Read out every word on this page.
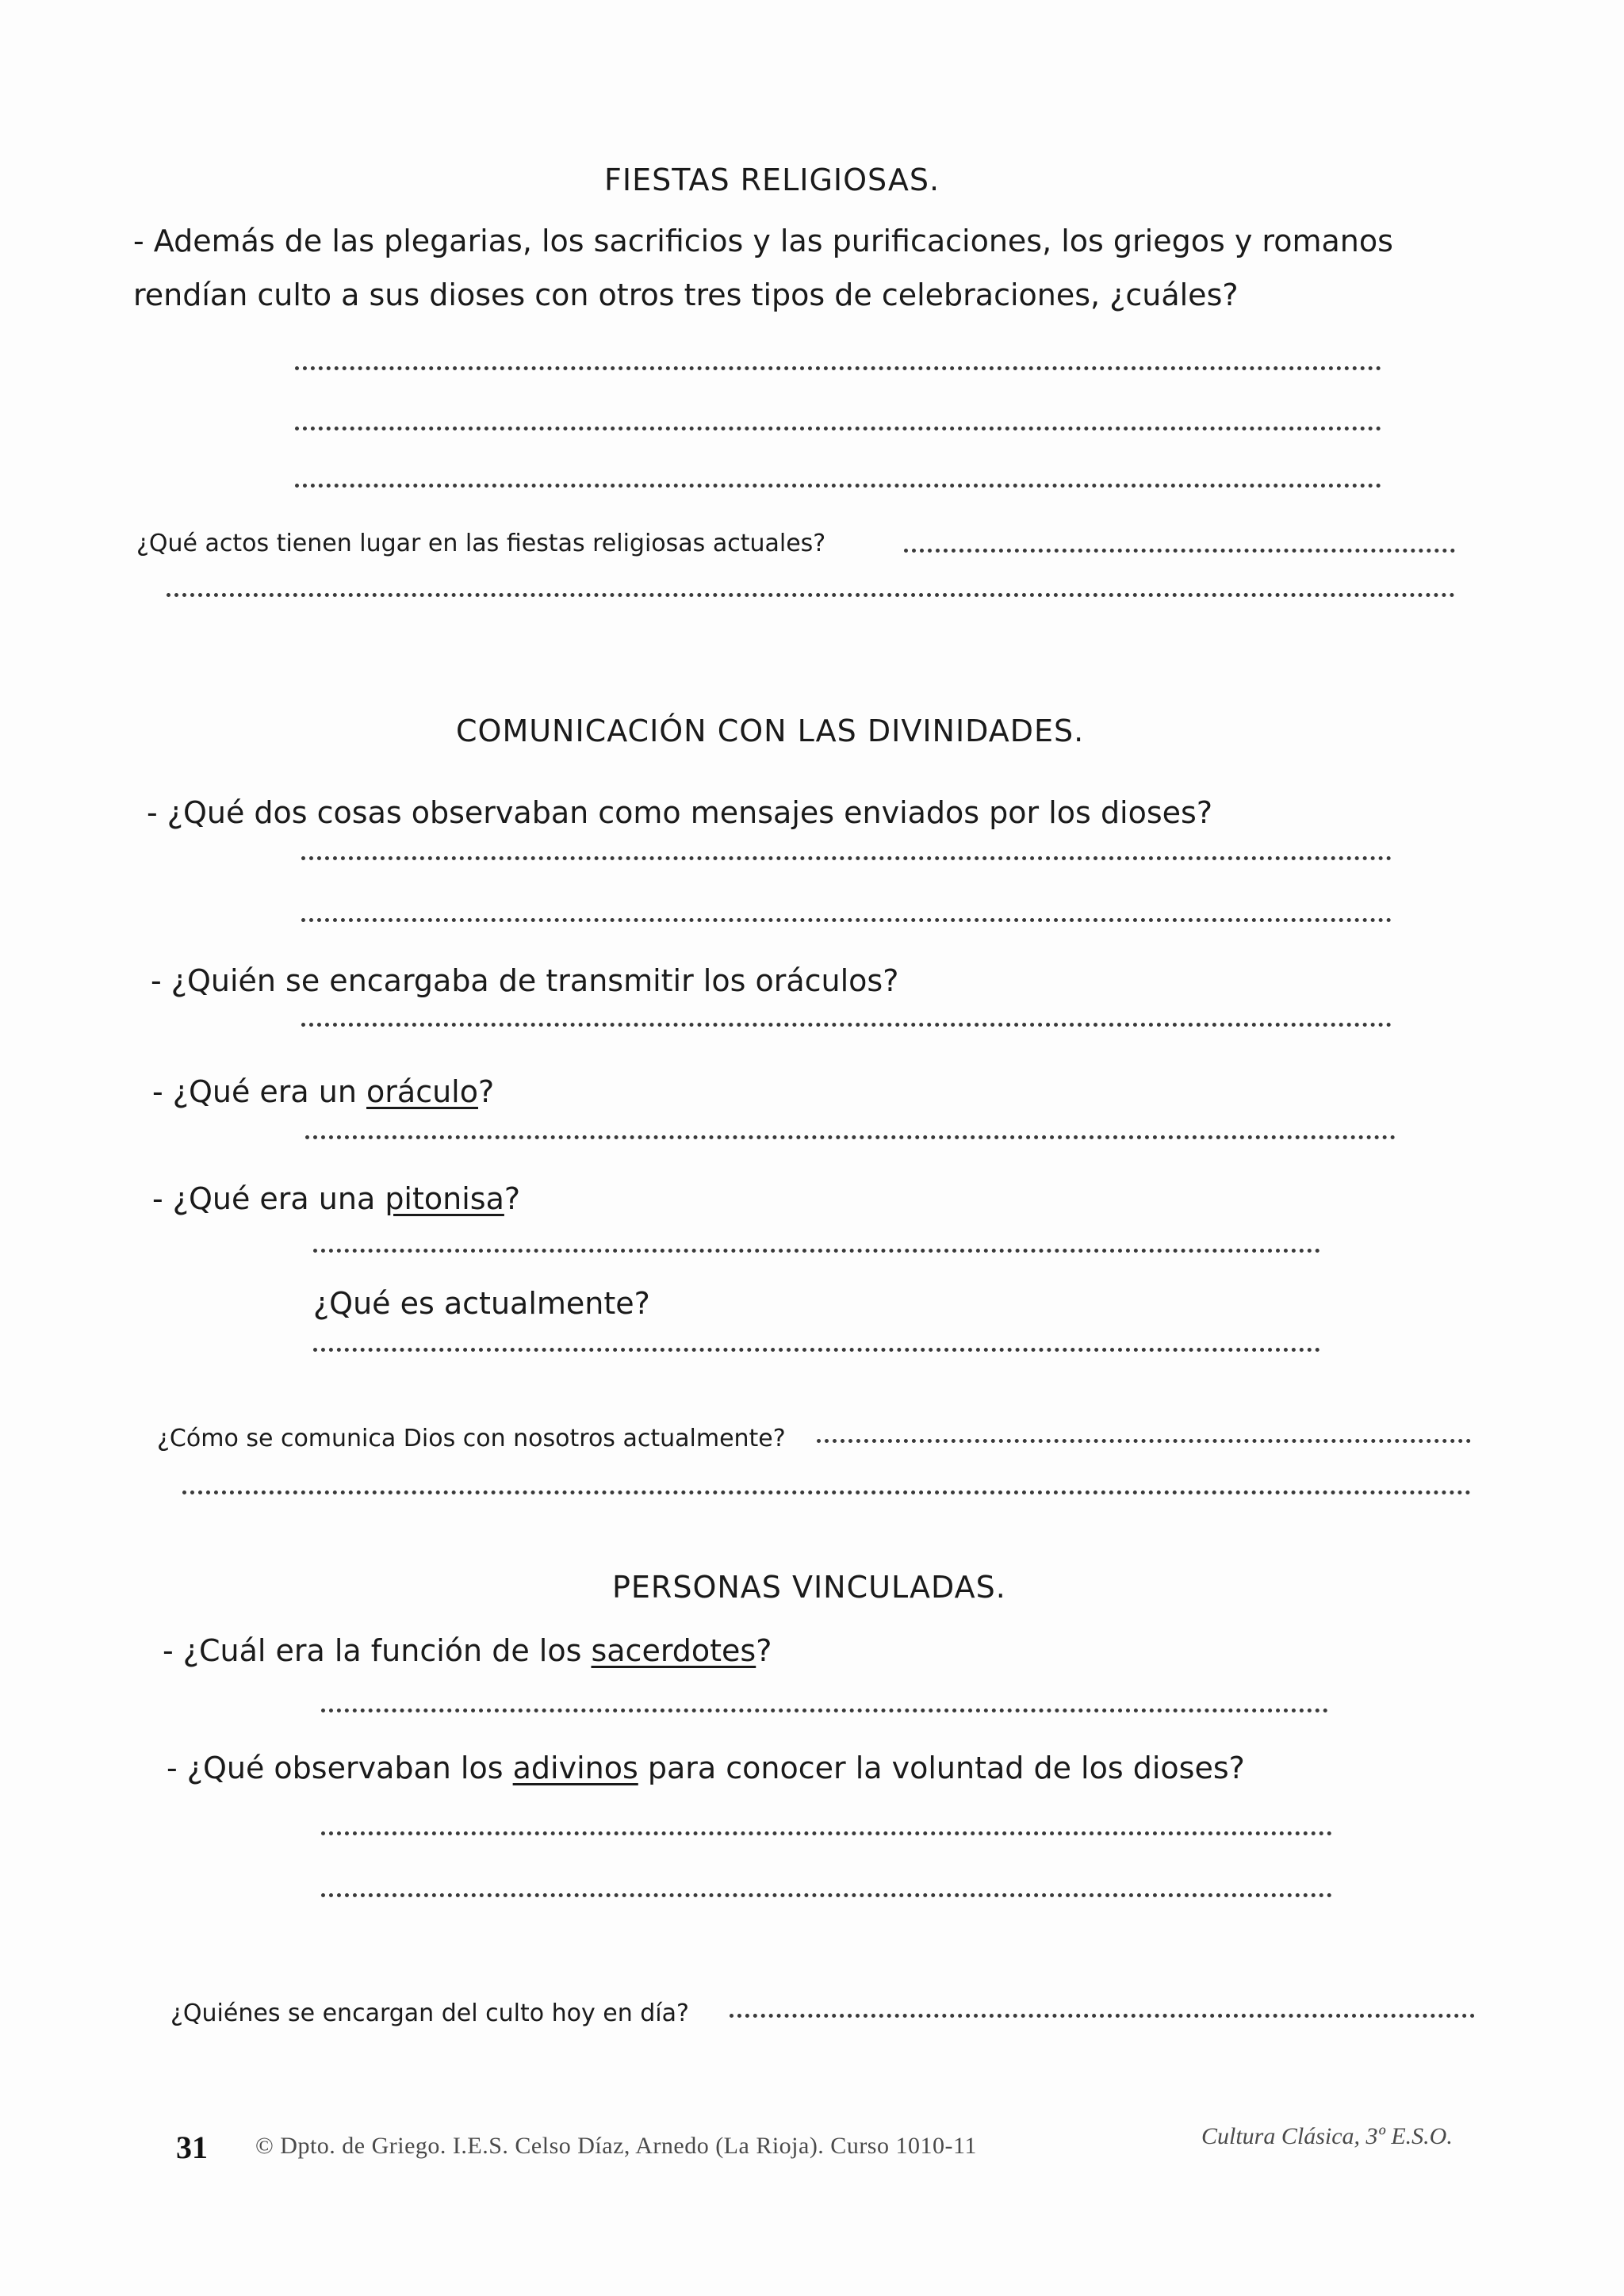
FIESTAS RELIGIOSAS.
- Además de las plegarias, los sacrificios y las purificaciones, los griegos y romanos
rendían culto a sus dioses con otros tres tipos de celebraciones, ¿cuáles?
¿Qué actos tienen lugar en las fiestas religiosas actuales?
COMUNICACIÓN CON LAS DIVINIDADES.
- ¿Qué dos cosas observaban como mensajes enviados por los dioses?
- ¿Quién se encargaba de transmitir los oráculos?
- ¿Qué era un oráculo?
- ¿Qué era una pitonisa?
¿Qué es actualmente?
¿Cómo se comunica Dios con nosotros actualmente?
PERSONAS VINCULADAS.
- ¿Cuál era la función de los sacerdotes?
- ¿Qué observaban los adivinos para conocer la voluntad de los dioses?
¿Quiénes se encargan del culto hoy en día?
31 © Dpto. de Griego. I.E.S. Celso Díaz, Arnedo (La Rioja). Curso 1010-11	Cultura Clásica, 3º E.S.O.
